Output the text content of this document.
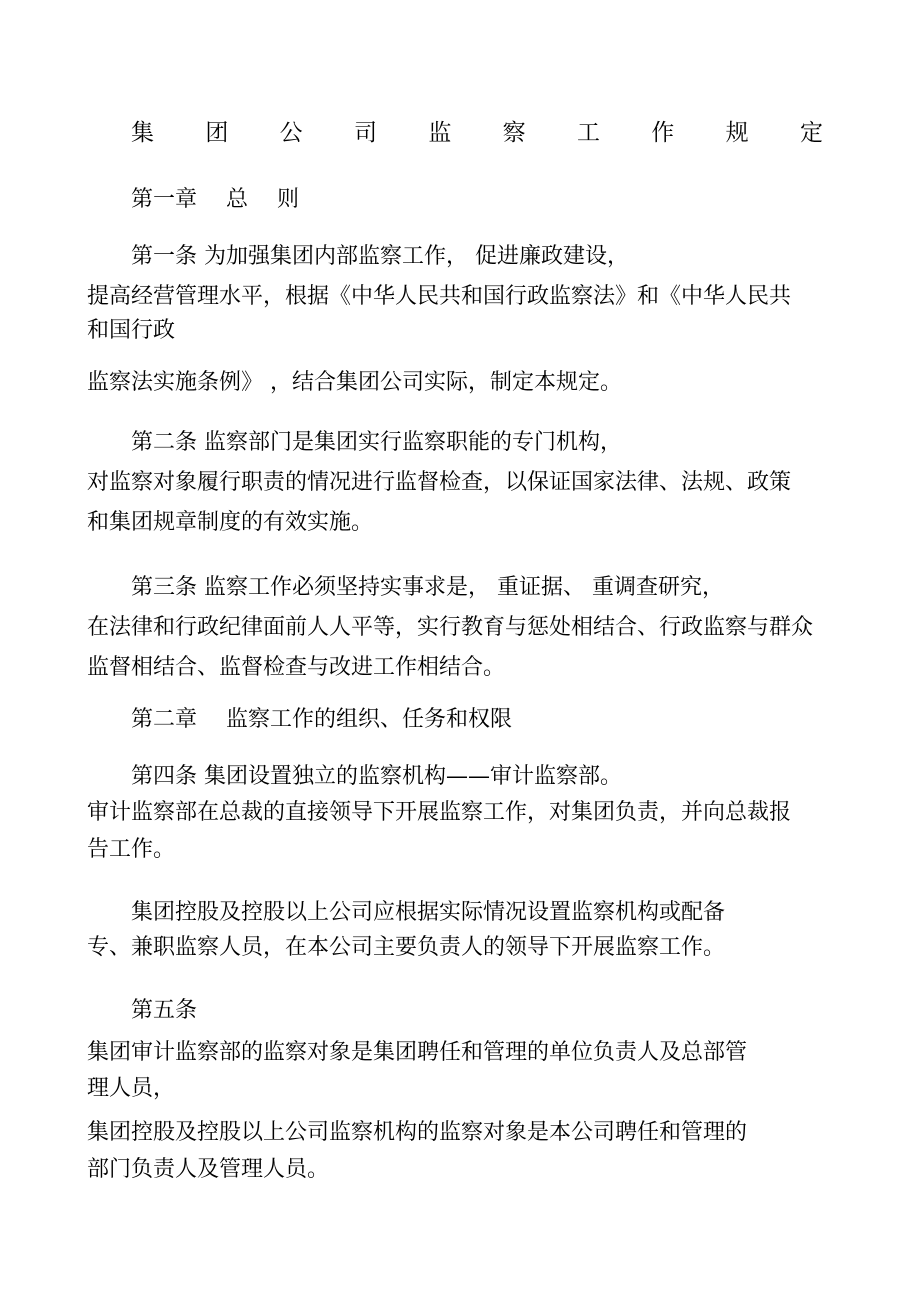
集 团 公 司 监 察 工 作 规 定
第一章　 总　 则
第一条 为加强集团内部监察工作， 促进廉政建设，
提高经营管理水平，根据《中华人民共和国行政监察法》和《中华人民共
和国行政
监察法实施条例》 ，结合集团公司实际，制定本规定。
第二条 监察部门是集团实行监察职能的专门机构，
对监察对象履行职责的情况进行监督检查，以保证国家法律、法规、政策
和集团规章制度的有效实施。
第三条 监察工作必须坚持实事求是， 重证据、 重调查研究，
在法律和行政纪律面前人人平等，实行教育与惩处相结合、行政监察与群众
监督相结合、监督检查与改进工作相结合。
第二章　 监察工作的组织、任务和权限
第四条 集团设置独立的监察机构——审计监察部。
审计监察部在总裁的直接领导下开展监察工作，对集团负责，并向总裁报
告工作。
集团控股及控股以上公司应根据实际情况设置监察机构或配备
专、兼职监察人员，在本公司主要负责人的领导下开展监察工作。
第五条
集团审计监察部的监察对象是集团聘任和管理的单位负责人及总部管
理人员，
集团控股及控股以上公司监察机构的监察对象是本公司聘任和管理的
部门负责人及管理人员。
